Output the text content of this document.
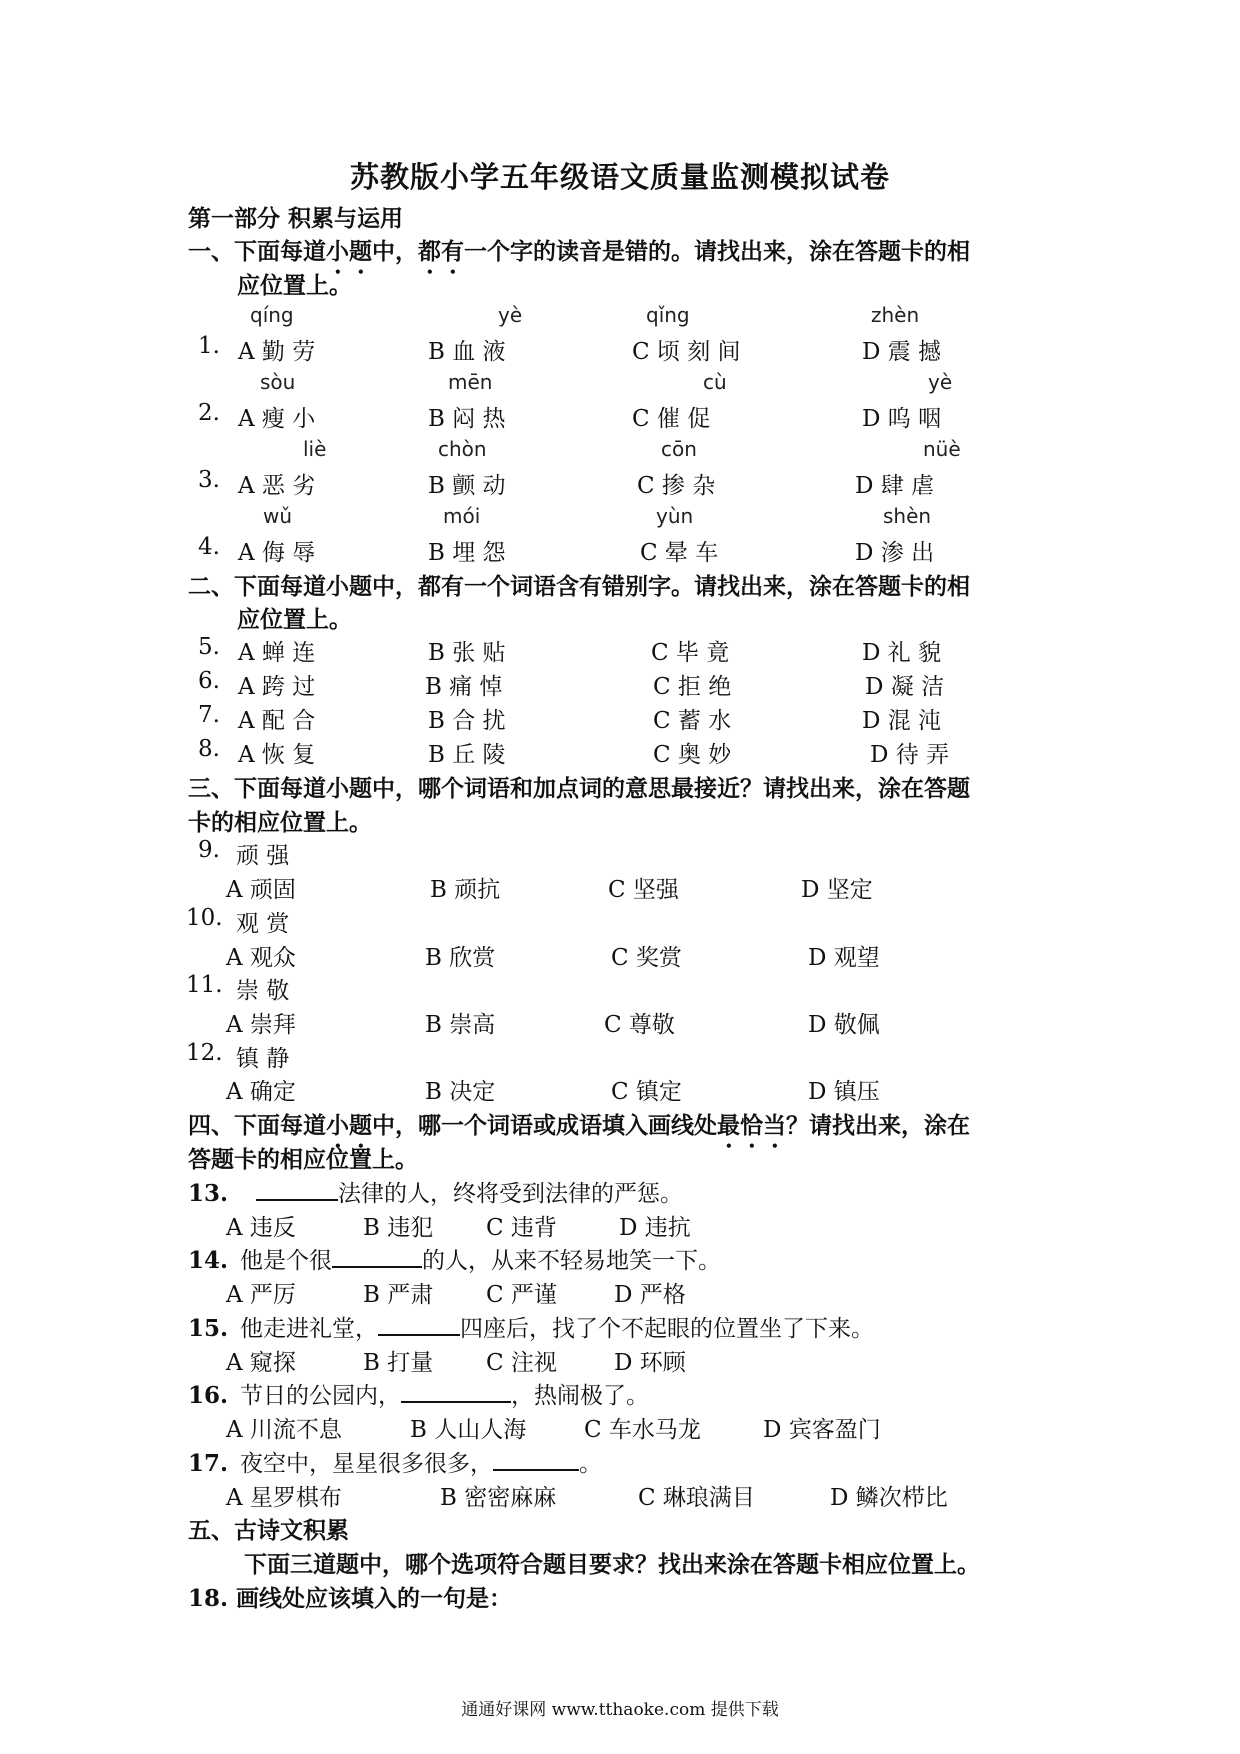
苏教版小学五年级语文质量监测模拟试卷
第一部分 积累与运用
一、下面每道小题中，都有一个字的读音是错的。请找出来，涂在答题卡的相
应位置上。
qíng	yè	qǐng	zhèn
1. A 勤 劳	B 血 液	C 顷 刻 间	D 震 撼
sòu	mēn	cù	yè
2. A 瘦 小	B 闷 热	C 催 促	D 呜 咽
liè	chòn	cōn	nüè
3. A 恶 劣	B 颤 动	C 掺 杂	D 肆 虐
wǔ	mói	yùn	shèn
4. A 侮 辱	B 埋 怨	C 晕 车	D 渗 出
二、下面每道小题中，都有一个词语含有错别字。请找出来，涂在答题卡的相
应位置上。
5. A 蝉 连	B 张 贴	C 毕 竟	D 礼 貌
6. A 跨 过	B 痛 悼	C 拒 绝	D 凝 洁
7. A 配 合	B 合 扰	C 蓄 水	D 混 沌
8. A 恢 复	B 丘 陵	C 奥 妙	D 待 弄
三、下面每道小题中，哪个词语和加点词的意思最接近？请找出来，涂在答题
卡的相应位置上。
9. 顽 强
A 顽固	B 顽抗	C 坚强	D 坚定
10. 观 赏
A 观众	B 欣赏	C 奖赏	D 观望
11. 崇 敬
A 崇拜	B 崇高	C 尊敬	D 敬佩
12. 镇 静
A 确定	B 决定	C 镇定	D 镇压
四、下面每道小题中，哪一个词语或成语填入画线处最恰当？请找出来，涂在
答题卡的相应位置上。
13.	法律的人，终将受到法律的严惩。
A 违反	B 违犯 C 违背	D 违抗
14. 他是个很	的人，从来不轻易地笑一下。
A 严厉	B 严肃 C 严谨 D 严格
15. 他走进礼堂，	四座后，找了个不起眼的位置坐了下来。
A 窥探	B 打量 C 注视 D 环顾
16. 节日的公园内，	，热闹极了。
A 川流不息	B 人山人海	C 车水马龙	D 宾客盈门
17. 夜空中，星星很多很多，	。
A 星罗棋布	B 密密麻麻	C 琳琅满目	D 鳞次栉比
五、古诗文积累
下面三道题中，哪个选项符合题目要求？找出来涂在答题卡相应位置上。
18. 画线处应该填入的一句是：
通通好课网 www.tthaoke.com 提供下载
